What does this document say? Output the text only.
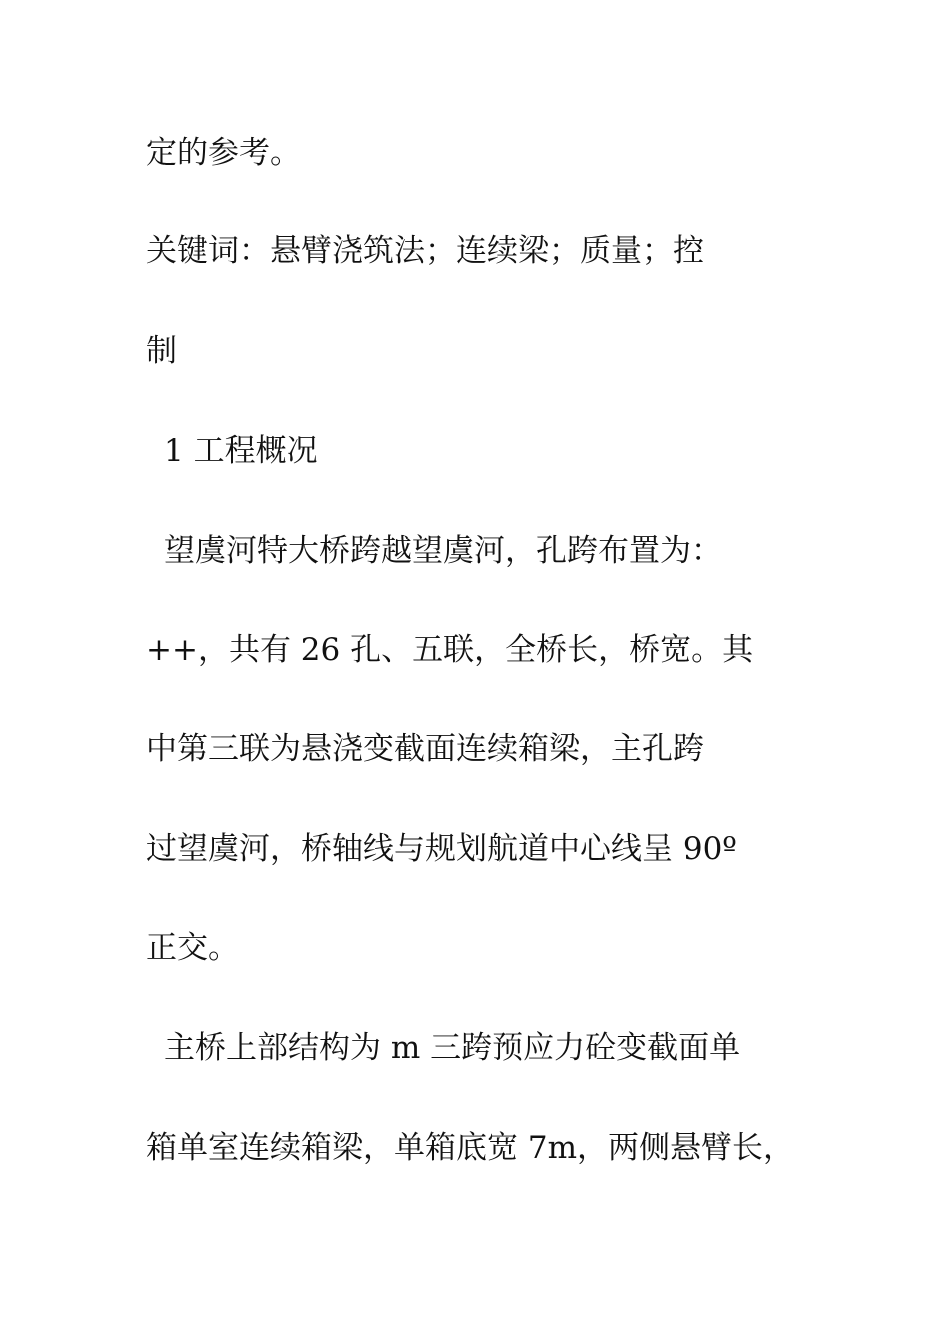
定的参考。

关键词：悬臂浇筑法；连续梁；质量；控

制

1 工程概况

望虞河特大桥跨越望虞河，孔跨布置为：

++，共有 26 孔、五联，全桥长，桥宽。其

中第三联为悬浇变截面连续箱梁，主孔跨

过望虞河，桥轴线与规划航道中心线呈 90º

正交。

主桥上部结构为 m 三跨预应力砼变截面单

箱单室连续箱梁，单箱底宽 7m，两侧悬臂长，
